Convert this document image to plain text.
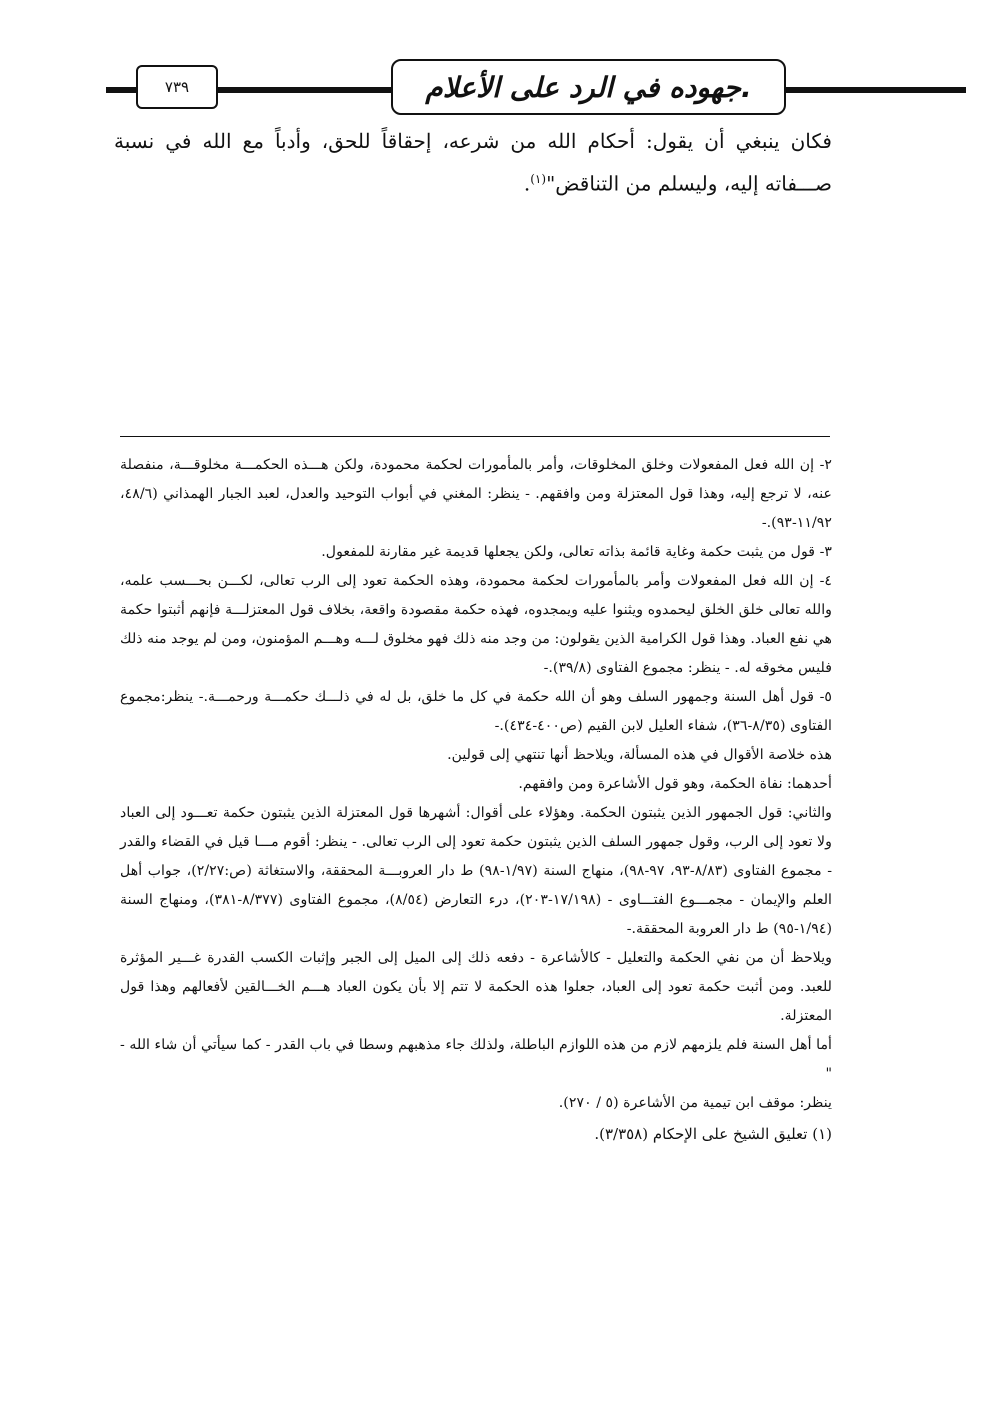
٧٣٩	جهوده في الرد على الأعلام.

فكان ينبغي أن يقول: أحكام الله من شرعه، إحقاقاً للحق، وأدباً مع الله في نسبة صـــفاته إليه، وليسلم من التناقض"$^{(١)}$.

٢- إن الله فعل المفعولات وخلق المخلوقات، وأمر بالمأمورات لحكمة محمودة، ولكن هـــذه الحكمـــة مخلوقـــة، منفصلة عنه، لا ترجع إليه، وهذا قول المعتزلة ومن وافقهم. - ينظر: المغني في أبواب التوحيد والعدل، لعبد الجبار الهمذاني (٤٨/٦، ١١/٩٢-٩٣).-

٣- قول من يثبت حكمة وغاية قائمة بذاته تعالى، ولكن يجعلها قديمة غير مقارنة للمفعول.

٤- إن الله فعل المفعولات وأمر بالمأمورات لحكمة محمودة، وهذه الحكمة تعود إلى الرب تعالى، لكـــن بحـــسب علمه، والله تعالى خلق الخلق ليحمدوه ويثنوا عليه ويمجدوه، فهذه حكمة مقصودة واقعة، بخلاف قول المعتزلـــة فإنهم أثبتوا حكمة هي نفع العباد. وهذا قول الكرامية الذين يقولون: من وجد منه ذلك فهو مخلوق لـــه وهـــم المؤمنون، ومن لم يوجد منه ذلك فليس مخوقه له. - ينظر: مجموع الفتاوى (٣٩/٨).-

٥- قول أهل السنة وجمهور السلف وهو أن الله حكمة في كل ما خلق، بل له في ذلـــك حكمـــة ورحمـــة.- ينظر:مجموع الفتاوى (٨/٣٥-٣٦)، شفاء العليل لابن القيم (ص٤٠٠-٤٣٤).-

هذه خلاصة الأقوال في هذه المسألة، ويلاحظ أنها تنتهي إلى قولين.

أحدهما: نفاة الحكمة، وهو قول الأشاعرة ومن وافقهم.

والثاني: قول الجمهور الذين يثبتون الحكمة. وهؤلاء على أقوال: أشهرها قول المعتزلة الذين يثبتون حكمة تعـــود إلى العباد ولا تعود إلى الرب، وقول جمهور السلف الذين يثبتون حكمة تعود إلى الرب تعالى. - ينظر: أقوم مـــا قيل في القضاء والقدر - مجموع الفتاوى (٨/٨٣-٩٣، ٩٧-٩٨)، منهاج السنة (١/٩٧-٩٨) ط دار العروبـــة المحققة، والاستغاثة (ص:٢/٢٧)، جواب أهل العلم والإيمان - مجمـــوع الفتـــاوى - (١٧/١٩٨-٢٠٣)، درء التعارض (٨/٥٤)، مجموع الفتاوى (٨/٣٧٧-٣٨١)، ومنهاج السنة (١/٩٤-٩٥) ط دار العروبة المحققة.-

ويلاحظ أن من نفي الحكمة والتعليل - كالأشاعرة - دفعه ذلك إلى الميل إلى الجبر وإثبات الكسب القدرة غـــير المؤثرة للعبد. ومن أثبت حكمة تعود إلى العباد، جعلوا هذه الحكمة لا تتم إلا بأن يكون العباد هـــم الخـــالقين لأفعالهم وهذا قول المعتزلة.

أما أهل السنة فلم يلزمهم لازم من هذه اللوازم الباطلة، ولذلك جاء مذهبهم وسطا في باب القدر - كما سيأتي أن شاء الله -"

ينظر: موقف ابن تيمية من الأشاعرة (٥ / ٢٧٠).

(١) تعليق الشيخ على الإحكام (٣/٣٥٨).
